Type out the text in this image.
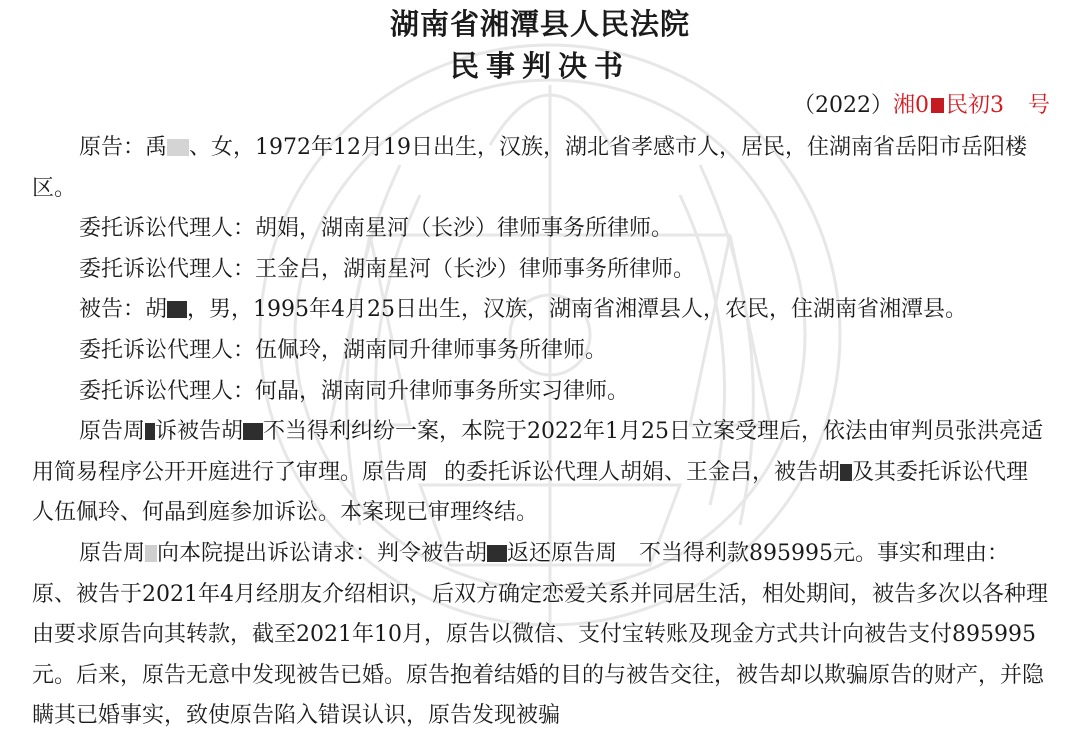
湖南省湘潭县人民法院
民事判决书
（2022）湘0 民初3 号

原告：禹 、女，1972年12月19日出生，汉族，湖北省孝感市人，居民，住湖南省岳阳市岳阳楼区。

委托诉讼代理人：胡娟，湖南星河（长沙）律师事务所律师。

委托诉讼代理人：王金吕，湖南星河（长沙）律师事务所律师。

被告：胡 ，男，1995年4月25日出生，汉族，湖南省湘潭县人，农民，住湖南省湘潭县。

委托诉讼代理人：伍佩玲，湖南同升律师事务所律师。

委托诉讼代理人：何晶，湖南同升律师事务所实习律师。

原告周 诉被告胡 不当得利纠纷一案，本院于2022年1月25日立案受理后，依法由审判员张洪亮适用简易程序公开开庭进行了审理。原告周 的委托诉讼代理人胡娟、王金吕，被告胡 及其委托诉讼代理人伍佩玲、何晶到庭参加诉讼。本案现已审理终结。

原告周 向本院提出诉讼请求：判令被告胡 返还原告周 不当得利款895995元。事实和理由：原、被告于2021年4月经朋友介绍相识，后双方确定恋爱关系并同居生活，相处期间，被告多次以各种理由要求原告向其转款，截至2021年10月，原告以微信、支付宝转账及现金方式共计向被告支付895995元。后来，原告无意中发现被告已婚。原告抱着结婚的目的与被告交往，被告却以欺骗原告的财产，并隐瞒其已婚事实，致使原告陷入错误认识，原告发现被骗
